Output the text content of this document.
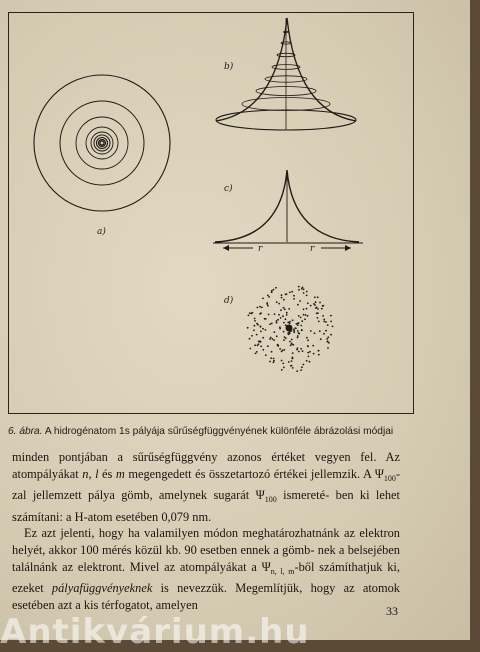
a)
b)
c)
r	r
d)
6. ábra. A hidrogénatom 1s pályája sűrűségfüggvényének különféle ábrázolási módjai

minden pontjában a sűrűségfüggvény azonos értéket vegyen fel. Az atompályákat n, l és m megengedett és összetartozó értékei jellemzik. A $\Psi_{100}$-zal jellemzett pálya gömb, amelynek sugarát $\Psi_{100}$ ismereté- ben ki lehet számítani: a H-atom esetében 0,079 nm.

Ez azt jelenti, hogy ha valamilyen módon meghatározhatnánk az elektron helyét, akkor 100 mérés közül kb. 90 esetben ennek a gömb- nek a belsejében találnánk az elektront. Mivel az atompályákat a $\Psi_{n, l, m}$-ből számíthatjuk ki, ezeket pályafüggvényeknek is nevezzük. Megemlítjük, hogy az atomok esetében azt a kis térfogatot, amelyen	33
Antikvárium.hu
